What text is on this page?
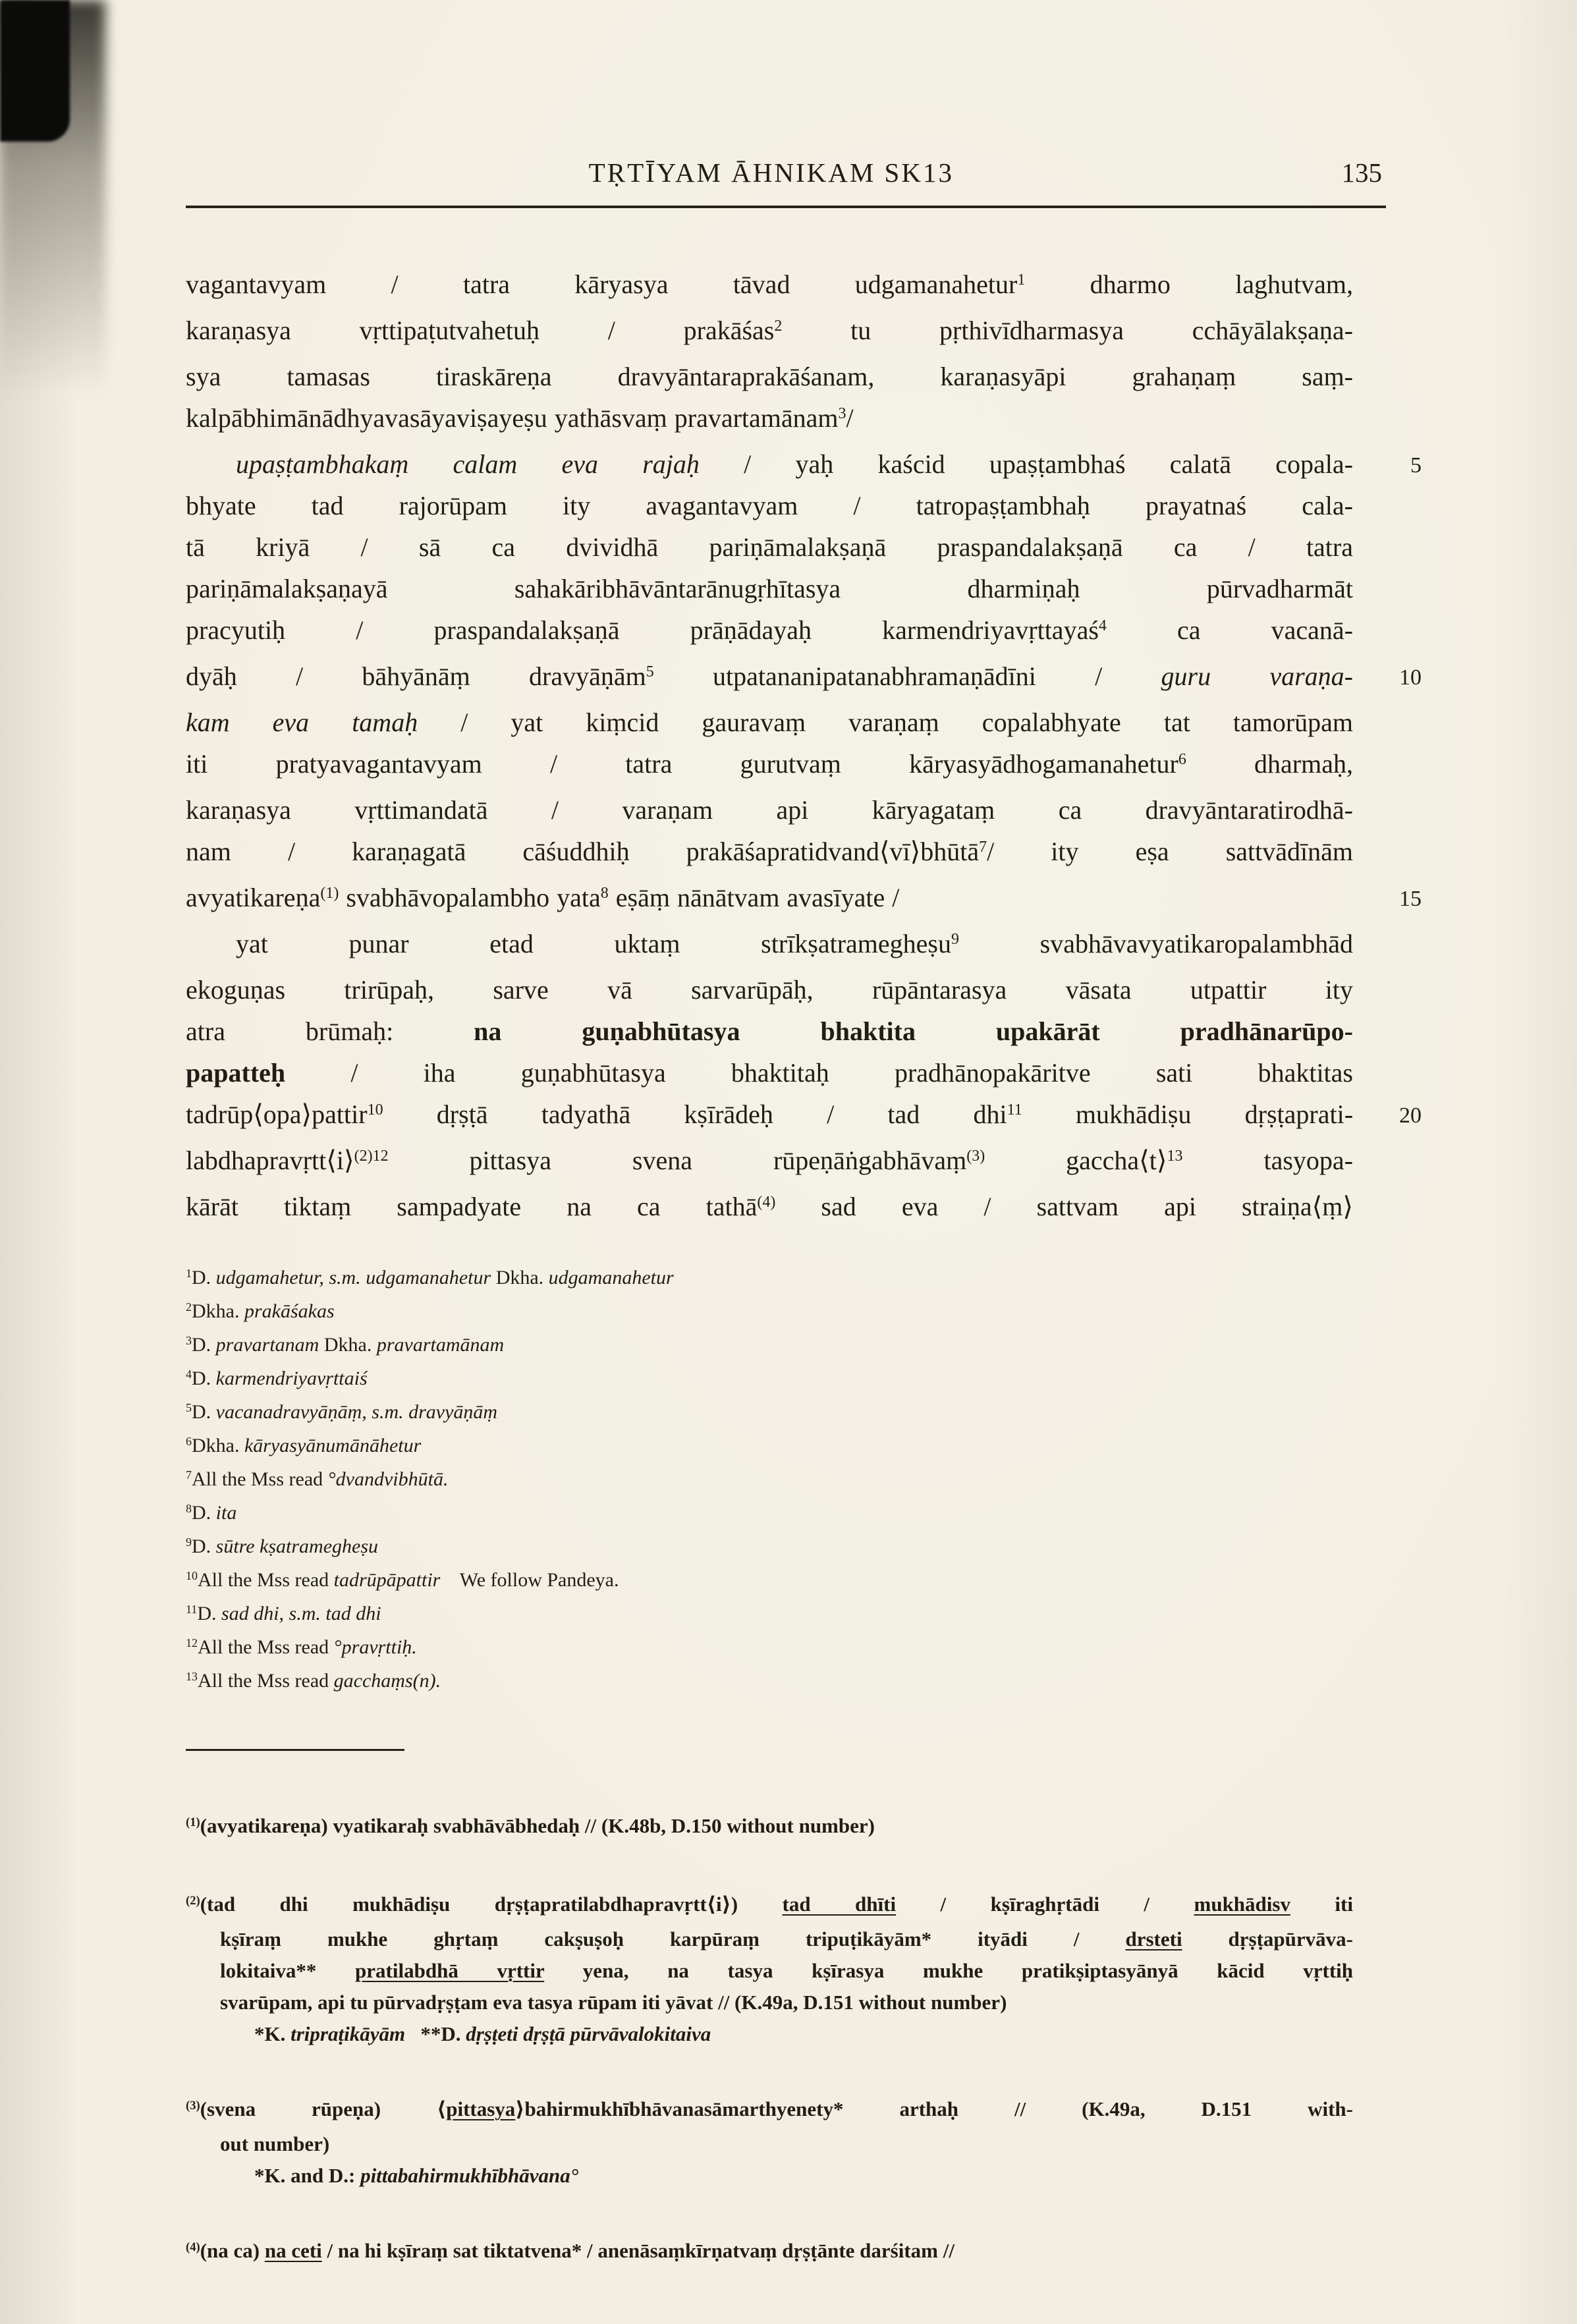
TṚTĪYAM ĀHNIKAM SK13	135
vagantavyam / tatra kāryasya tāvad udgamanahetur$^1$ dharmo laghutvam,
karaṇasya vṛttipaṭutvahetuḥ / prakāśas$^2$ tu pṛthivīdharmasya cchāyālakṣaṇa-
sya tamasas tiraskāreṇa dravyāntaraprakāśanam, karaṇasyāpi grahaṇaṃ saṃ-
kalpābhimānādhyavasāyaviṣayeṣu yathāsvaṃ pravartamānam$^3$/
upaṣṭambhakaṃ calam eva rajaḥ / yaḥ kaścid upaṣṭambhaś calatā copala-	5
bhyate tad rajorūpam ity avagantavyam / tatropaṣṭambhaḥ prayatnaś cala-
tā kriyā / sā ca dvividhā pariṇāmalakṣaṇā praspandalakṣaṇā ca / tatra
pariṇāmalakṣaṇayā sahakāribhāvāntarānugṛhītasya dharmiṇaḥ pūrvadharmāt
pracyutiḥ / praspandalakṣaṇā prāṇādayaḥ karmendriyavṛttayaś$^4$ ca vacanā-
dyāḥ / bāhyānāṃ dravyāṇām$^5$ utpatananipatanabhramaṇādīni / guru varaṇa- 10
kam eva tamaḥ / yat kiṃcid gauravaṃ varaṇaṃ copalabhyate tat tamorūpam
iti pratyavagantavyam / tatra gurutvaṃ kāryasyādhogamanahetur$^6$ dharmaḥ,
karaṇasya vṛttimandatā / varaṇam api kāryagataṃ ca dravyāntaratirodhā-
nam / karaṇagatā cāśuddhiḥ prakāśapratidvand⟨vī⟩bhūtā$^7$/ ity eṣa sattvādīnām
avyatikareṇa$^{(1)}$ svabhāvopalambho yata$^8$ eṣāṃ nānātvam avasīyate /	15
yat punar etad uktaṃ strīkṣatramegheṣu$^9$ svabhāvavyatikaropalambhād
ekoguṇas trirūpaḥ, sarve vā sarvarūpāḥ, rūpāntarasya vāsata utpattir ity
atra brūmaḥ: na guṇabhūtasya bhaktita upakārāt pradhānarūpo-
papatteḥ / iha guṇabhūtasya bhaktitaḥ pradhānopakāritve sati bhaktitas
tadrūp⟨opa⟩pattir$^{10}$ dṛṣṭā tadyathā kṣīrādeḥ / tad dhi$^{11}$ mukhādiṣu dṛṣṭaprati- 20
labdhapravṛtt⟨i⟩$^{(2)12}$ pittasya svena rūpeṇāṅgabhāvaṃ$^{(3)}$ gaccha⟨t⟩$^{13}$ tasyopa-
kārāt tiktaṃ sampadyate na ca tathā$^{(4)}$ sad eva / sattvam api straiṇa⟨ṃ⟩
$^1$D. udgamahetur, s.m. udgamanahetur Dkha. udgamanahetur
$^2$Dkha. prakāśakas
$^3$D. pravartanam Dkha. pravartamānam
$^4$D. karmendriyavṛttaiś
$^5$D. vacanadravyāṇāṃ, s.m. dravyāṇāṃ
$^6$Dkha. kāryasyānumānāhetur
$^7$All the Mss read °dvandvibhūtā.
$^8$D. ita
$^9$D. sūtre kṣatramegheṣu
$^{10}$All the Mss read tadrūpāpattir    We follow Pandeya.
$^{11}$D. sad dhi, s.m. tad dhi
$^{12}$All the Mss read °pravṛttiḥ.
$^{13}$All the Mss read gacchaṃs(n).
$^{(1)}$(avyatikareṇa) vyatikaraḥ svabhāvābhedaḥ // (K.48b, D.150 without number)
$^{(2)}$(tad dhi mukhādiṣu dṛṣṭapratilabdhapravṛtt⟨i⟩) tad dhīti / kṣīraghṛtādi / mukhādisv iti
kṣīraṃ mukhe ghṛtaṃ cakṣuṣoḥ karpūraṃ tripuṭikāyām* ityādi / drsteti dṛṣṭapūrvāva-
lokitaiva** pratilabdhā vṛttir yena, na tasya kṣīrasya mukhe pratikṣiptasyānyā kācid vṛttiḥ
svarūpam, api tu pūrvadṛṣṭam eva tasya rūpam iti yāvat // (K.49a, D.151 without number)
*K. tripraṭikāyām   **D. dṛṣṭeti dṛṣṭā pūrvāvalokitaiva
$^{(3)}$(svena rūpeṇa) ⟨pittasya⟩bahirmukhībhāvanasāmarthyenety* arthaḥ // (K.49a, D.151 with-
out number)
*K. and D.: pittabahirmukhībhāvana°
$^{(4)}$(na ca) na ceti / na hi kṣīraṃ sat tiktatvena* / anenāsaṃkīrṇatvaṃ dṛṣṭānte darśitam //
